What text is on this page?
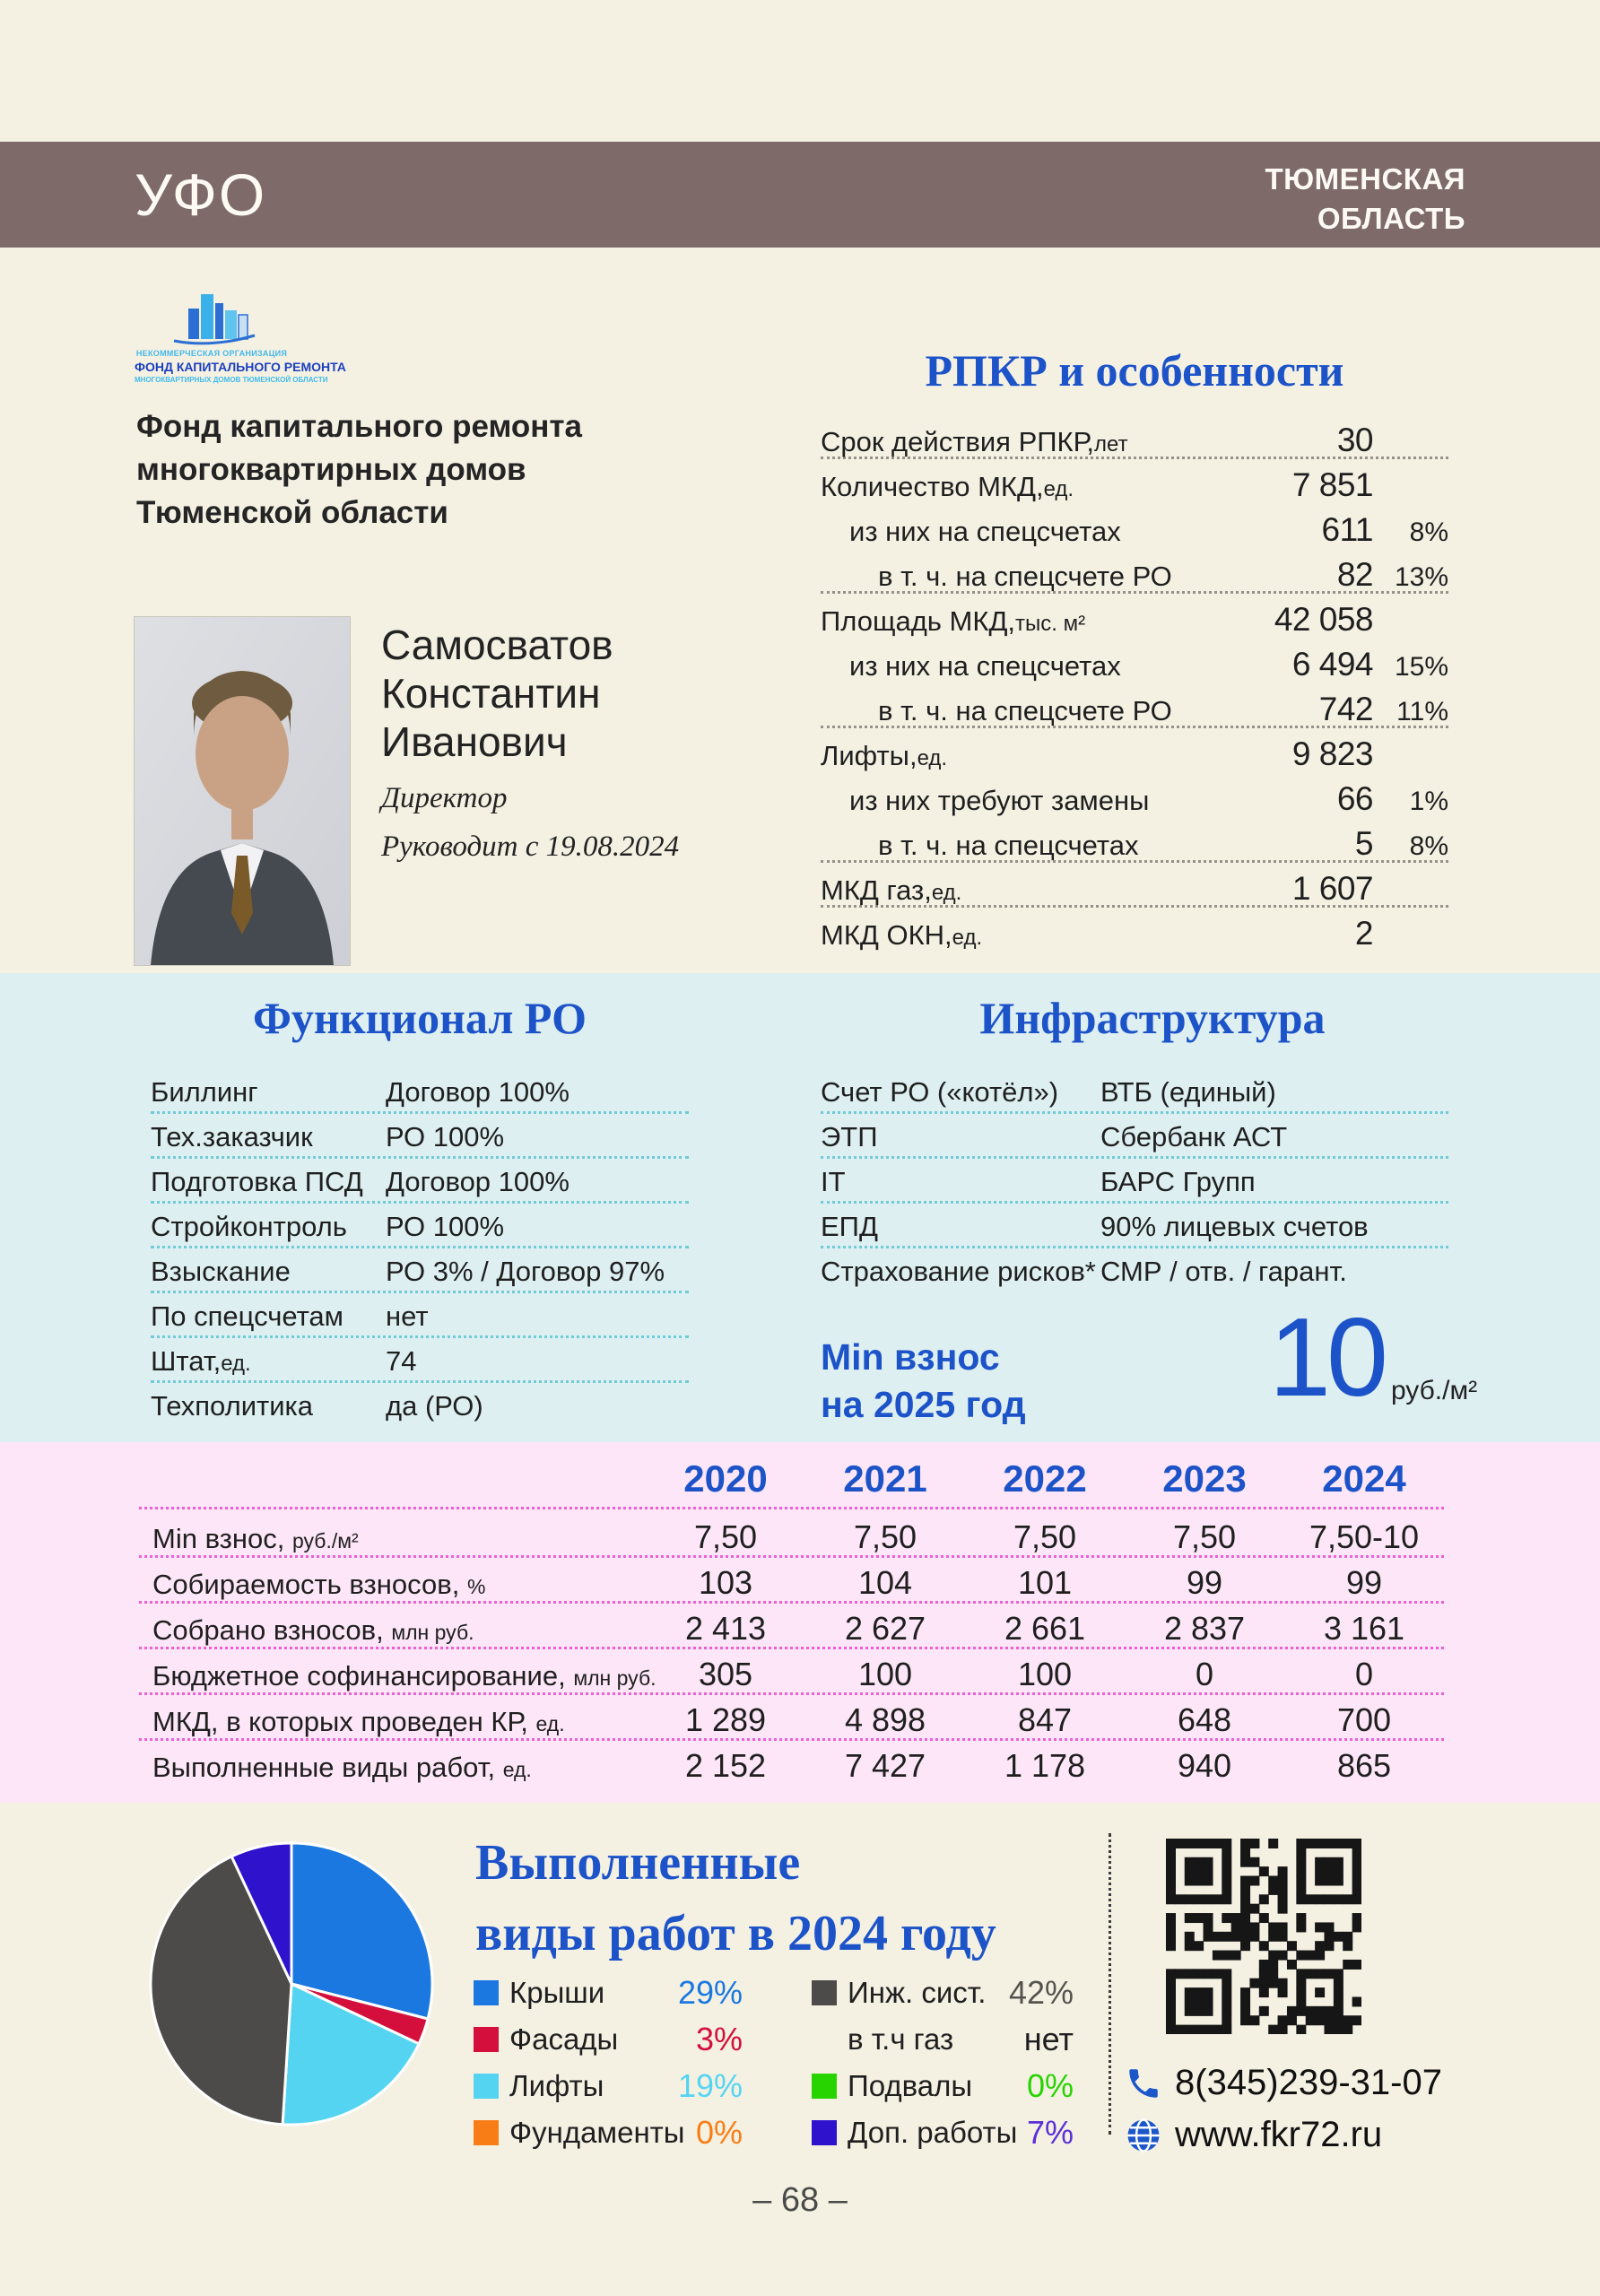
УФО	ТЮМЕНСКАЯ
ОБЛАСТЬ
НЕКОММЕРЧЕСКАЯ ОРГАНИЗАЦИЯ
ФОНД КАПИТАЛЬНОГО РЕМОНТА
МНОГОКВАРТИРНЫХ ДОМОВ ТЮМЕНСКОЙ ОБЛАСТИ
Фонд капитального ремонта
многоквартирных домов
Тюменской области
Самосватов
Константин
Иванович
Директор
Руководит с 19.08.2024
РПКР и особенности
Срок действия РПКР,лет	30
Количество МКД,ед.	7 851
из них на спецсчетах	611	8%
в т. ч. на спецсчете РО	82 13%
Площадь МКД,тыс. м²	42 058
из них на спецсчетах	6 494 15%
в т. ч. на спецсчете РО	742 11%
Лифты,ед.	9 823
из них требуют замены	66	1%
в т. ч. на спецсчетах	5	8%
МКД газ,ед.	1 607
МКД ОКН,ед.	2
Функционал РО
Биллинг	Договор 100%
Тех.заказчик	РО 100%
Подготовка ПСД Договор 100%
Стройконтроль	РО 100%
Взыскание	РО 3% / Договор 97%
По спецсчетам	нет
Штат,ед.	74
Техполитика	да (РО)
Инфраструктура
Счет РО («котёл»)	ВТБ (единый)
ЭТП	Сбербанк АСТ
IT	БАРС Групп
ЕПД	90% лицевых счетов
Страхование рисков* СМР / отв. / гарант.
Min взнос
на 2025 год 10 руб./м²
2020	2021	2022	2023	2024
Min взнос, руб./м²	7,50	7,50	7,50	7,50	7,50-10
Собираемость взносов, %	103	104	101	99	99
Собрано взносов, млн руб.	2 413	2 627	2 661	2 837	3 161
Бюджетное софинансирование, млн руб.	305	100	100	0	0
МКД, в которых проведен КР, ед.	1 289	4 898	847	648	700
Выполненные виды работ, ед.	2 152	7 427	1 178	940	865
Выполненные
виды работ в 2024 году
Крыши 29%
Фасады 3%
Лифты 19%
Фундаменты 0%
Инж. сист. 42%
в т.ч газ нет
Подвалы 0%
Доп. работы 7%
8(345)239-31-07
www.fkr72.ru
– 68 –
